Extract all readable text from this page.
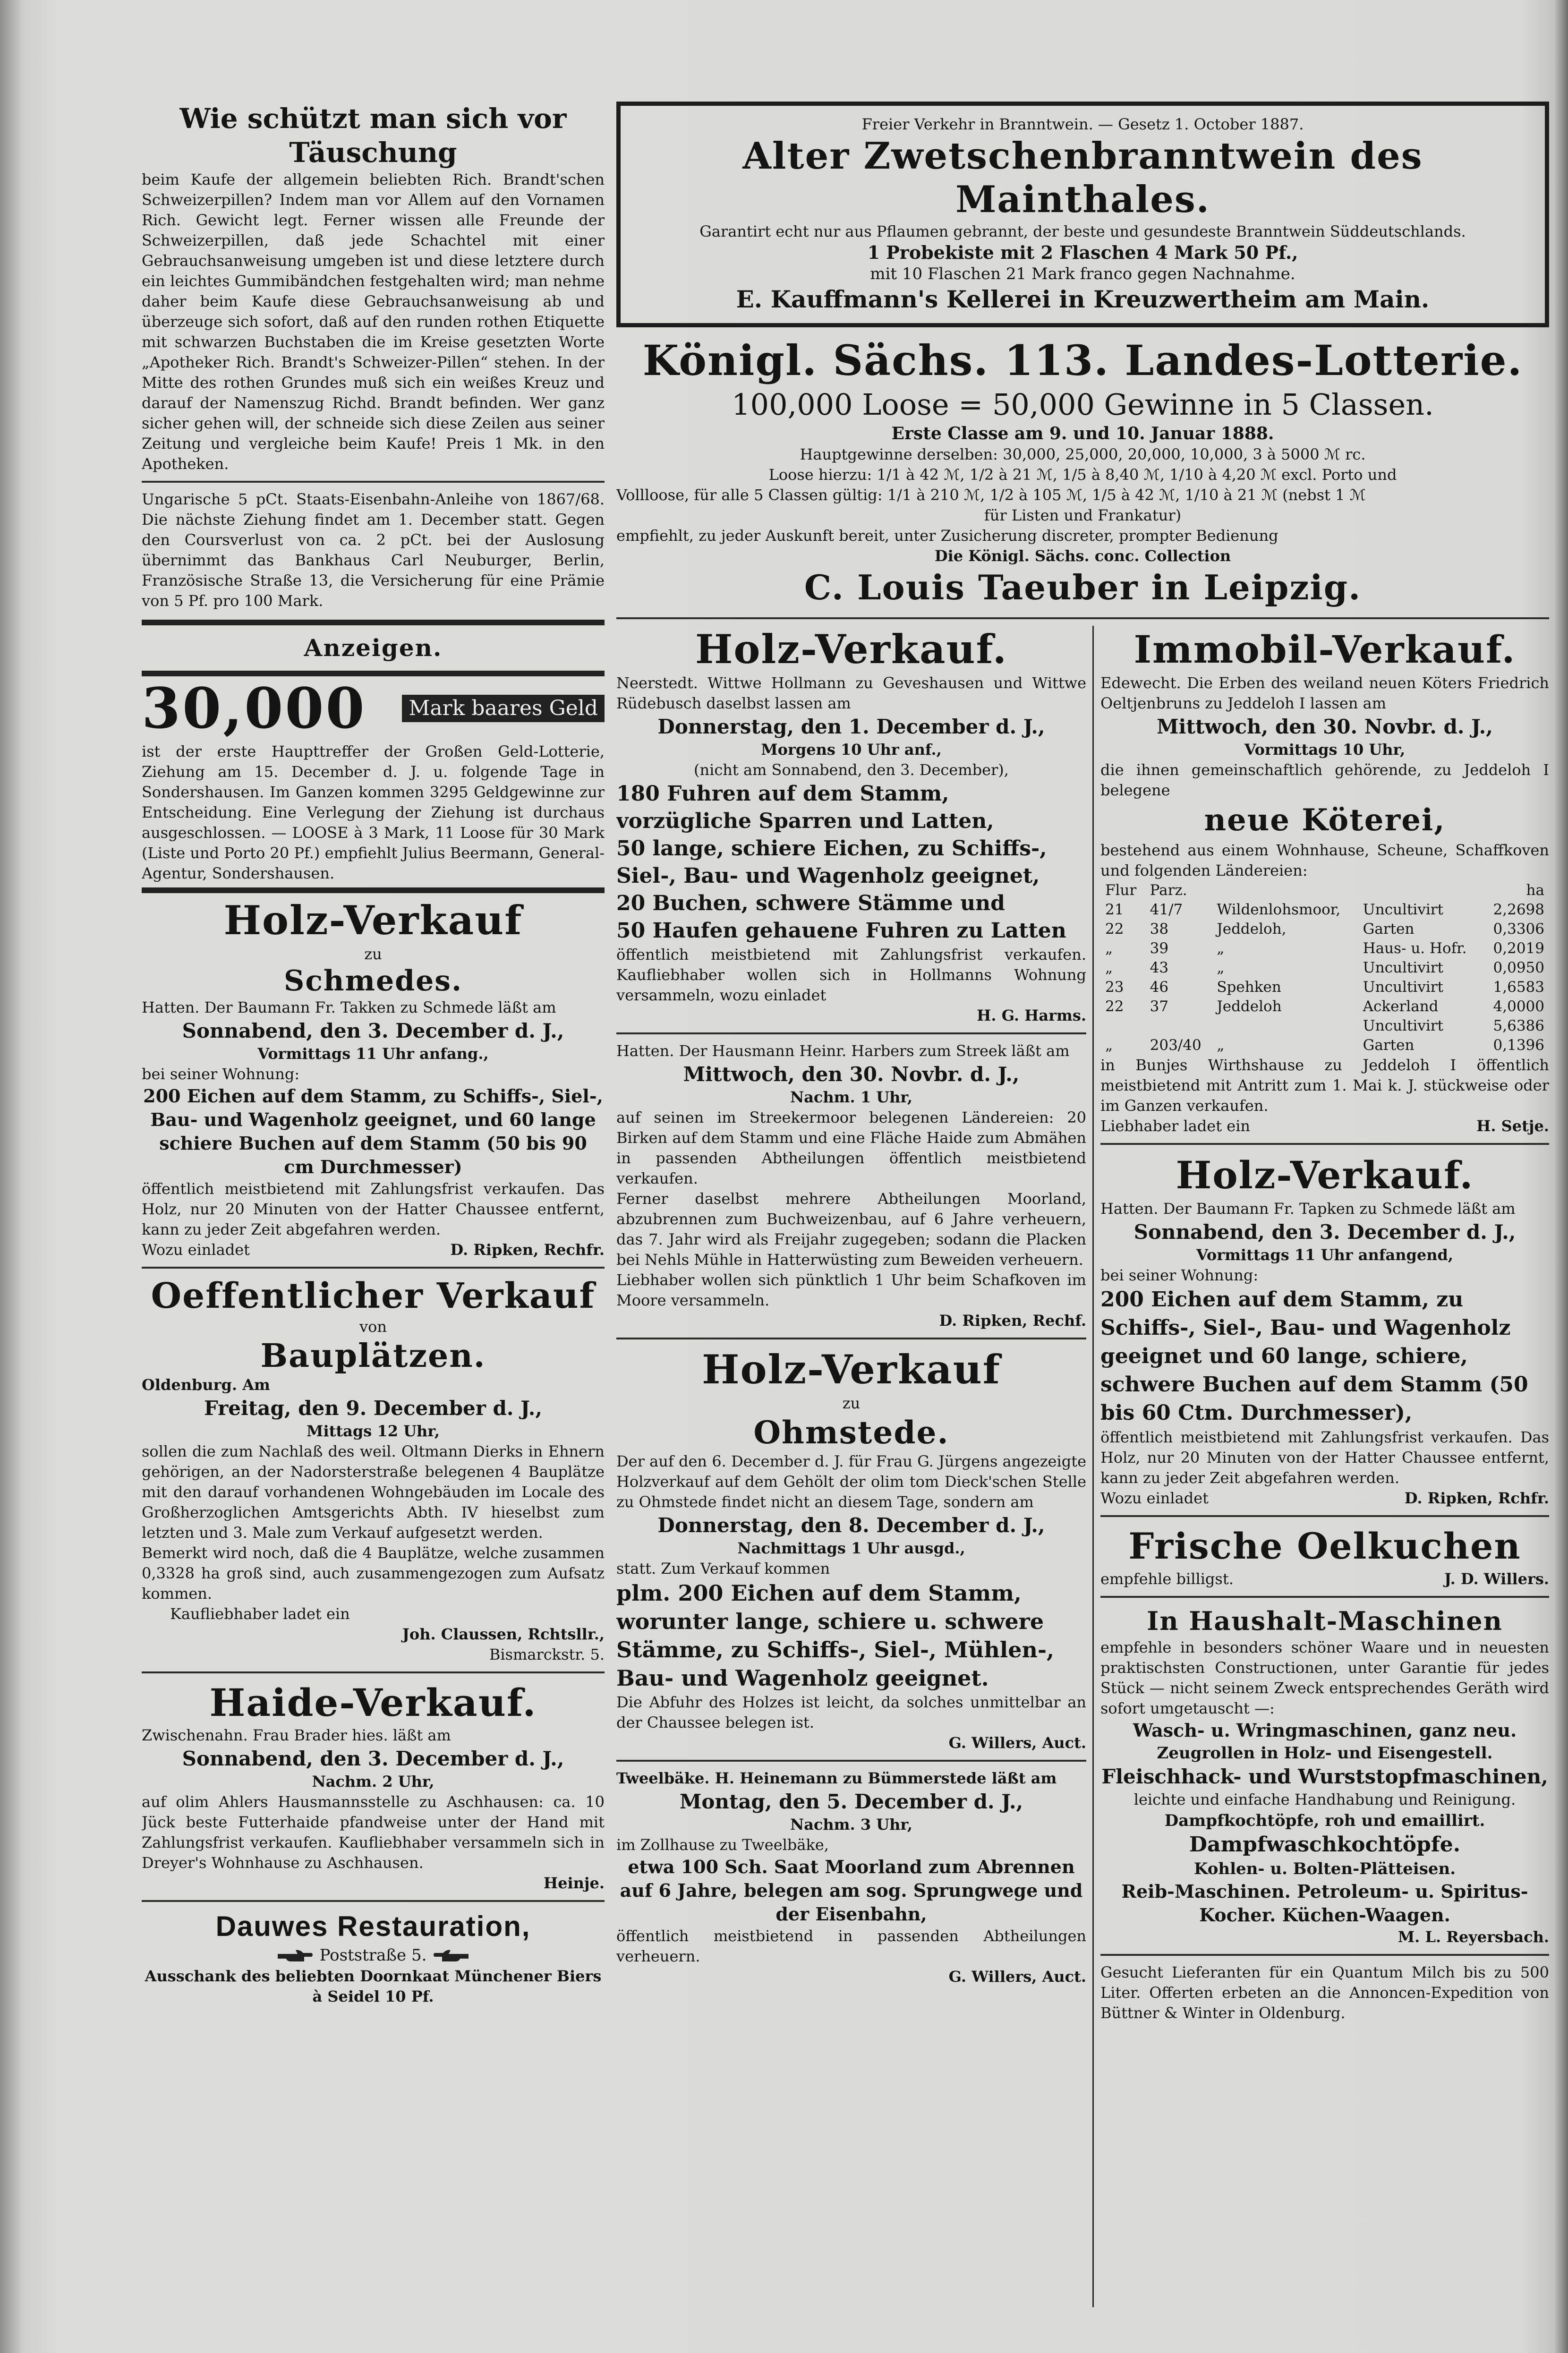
Wie schützt man sich vor Täuschung

beim Kaufe der allgemein beliebten Rich. Brandt'schen Schweizerpillen? Indem man vor Allem auf den Vornamen Rich. Gewicht legt. Ferner wissen alle Freunde der Schweizerpillen, daß jede Schachtel mit einer Gebrauchsanweisung umgeben ist und diese letztere durch ein leichtes Gummibändchen festgehalten wird; man nehme daher beim Kaufe diese Gebrauchsanweisung ab und überzeuge sich sofort, daß auf den runden rothen Etiquette mit schwarzen Buchstaben die im Kreise gesetzten Worte „Apotheker Rich. Brandt's Schweizer-Pillen“ stehen. In der Mitte des rothen Grundes muß sich ein weißes Kreuz und darauf der Namenszug Richd. Brandt befinden. Wer ganz sicher gehen will, der schneide sich diese Zeilen aus seiner Zeitung und vergleiche beim Kaufe! Preis 1 Mk. in den Apotheken.

Ungarische 5 pCt. Staats-Eisenbahn-Anleihe von 1867/68. Die nächste Ziehung findet am 1. December statt. Gegen den Coursverlust von ca. 2 pCt. bei der Auslosung übernimmt das Bankhaus Carl Neuburger, Berlin, Französische Straße 13, die Versicherung für eine Prämie von 5 Pf. pro 100 Mark.

Anzeigen.

30,000	Mark baares Geld

ist der erste Haupttreffer der Großen Geld-Lotterie, Ziehung am 15. December d. J. u. folgende Tage in Sondershausen. Im Ganzen kommen 3295 Geldgewinne zur Entscheidung. Eine Verlegung der Ziehung ist durchaus ausgeschlossen. — LOOSE à 3 Mark, 11 Loose für 30 Mark (Liste und Porto 20 Pf.) empfiehlt Julius Beermann, General-Agentur, Sondershausen.

Holz-Verkauf

zu

Schmedes.

Hatten. Der Baumann Fr. Takken zu Schmede läßt am

Sonnabend, den 3. December d. J.,

Vormittags 11 Uhr anfang.,

bei seiner Wohnung:

200 Eichen auf dem Stamm, zu Schiffs-, Siel-, Bau- und Wagenholz geeignet, und 60 lange schiere Buchen auf dem Stamm (50 bis 90 cm Durchmesser)

öffentlich meistbietend mit Zahlungsfrist verkaufen. Das Holz, nur 20 Minuten von der Hatter Chaussee entfernt, kann zu jeder Zeit abgefahren werden.

Wozu einladet	D. Ripken, Rechfr.

Oeffentlicher Verkauf

von

Bauplätzen.

Oldenburg. Am

Freitag, den 9. December d. J.,

Mittags 12 Uhr,

sollen die zum Nachlaß des weil. Oltmann Dierks in Ehnern gehörigen, an der Nadorsterstraße belegenen 4 Bauplätze mit den darauf vorhandenen Wohngebäuden im Locale des Großherzoglichen Amtsgerichts Abth. IV hieselbst zum letzten und 3. Male zum Verkauf aufgesetzt werden.

Bemerkt wird noch, daß die 4 Bauplätze, welche zusammen 0,3328 ha groß sind, auch zusammengezogen zum Aufsatz kommen.

Kaufliebhaber ladet ein

Joh. Claussen, Rchtsllr.,

Bismarckstr. 5.

Haide-Verkauf.

Zwischenahn. Frau Brader hies. läßt am

Sonnabend, den 3. December d. J.,

Nachm. 2 Uhr,

auf olim Ahlers Hausmannsstelle zu Aschhausen: ca. 10 Jück beste Futterhaide pfandweise unter der Hand mit Zahlungsfrist verkaufen. Kaufliebhaber versammeln sich in Dreyer's Wohnhause zu Aschhausen.

Heinje.

Dauwes Restauration,

Poststraße 5.

Ausschank des beliebten Doornkaat Münchener Biers à Seidel 10 Pf.

Freier Verkehr in Branntwein. — Gesetz 1. October 1887.

Alter Zwetschenbranntwein des Mainthales.

Garantirt echt nur aus Pflaumen gebrannt, der beste und gesundeste Branntwein Süddeutschlands.

1 Probekiste mit 2 Flaschen 4 Mark 50 Pf.,

mit 10 Flaschen 21 Mark franco gegen Nachnahme.

E. Kauffmann's Kellerei in Kreuzwertheim am Main.

Königl. Sächs. 113. Landes-Lotterie.

100,000 Loose = 50,000 Gewinne in 5 Classen.

Erste Classe am 9. und 10. Januar 1888.

Hauptgewinne derselben: 30,000, 25,000, 20,000, 10,000, 3 à 5000 ℳ rc.

Loose hierzu: 1/1 à 42 ℳ, 1/2 à 21 ℳ, 1/5 à 8,40 ℳ, 1/10 à 4,20 ℳ excl. Porto und

Vollloose, für alle 5 Classen gültig: 1/1 à 210 ℳ, 1/2 à 105 ℳ, 1/5 à 42 ℳ, 1/10 à 21 ℳ (nebst 1 ℳ

für Listen und Frankatur)

empfiehlt, zu jeder Auskunft bereit, unter Zusicherung discreter, prompter Bedienung

Die Königl. Sächs. conc. Collection

C. Louis Taeuber in Leipzig.

Holz-Verkauf.

Neerstedt. Wittwe Hollmann zu Geveshausen und Wittwe Rüdebusch daselbst lassen am

Donnerstag, den 1. December d. J.,

Morgens 10 Uhr anf.,

(nicht am Sonnabend, den 3. December),

180 Fuhren auf dem Stamm, vorzügliche Sparren und Latten,

50 lange, schiere Eichen, zu Schiffs-, Siel-, Bau- und Wagenholz geeignet,

20 Buchen, schwere Stämme und

50 Haufen gehauene Fuhren zu Latten

öffentlich meistbietend mit Zahlungsfrist verkaufen. Kaufliebhaber wollen sich in Hollmanns Wohnung versammeln, wozu einladet

H. G. Harms.

Hatten. Der Hausmann Heinr. Harbers zum Streek läßt am

Mittwoch, den 30. Novbr. d. J.,

Nachm. 1 Uhr,

auf seinen im Streekermoor belegenen Ländereien: 20 Birken auf dem Stamm und eine Fläche Haide zum Abmähen in passenden Abtheilungen öffentlich meistbietend verkaufen.

Ferner daselbst mehrere Abtheilungen Moorland, abzubrennen zum Buchweizenbau, auf 6 Jahre verheuern, das 7. Jahr wird als Freijahr zugegeben; sodann die Placken bei Nehls Mühle in Hatterwüsting zum Beweiden verheuern.

Liebhaber wollen sich pünktlich 1 Uhr beim Schafkoven im Moore versammeln.

D. Ripken, Rechf.

Holz-Verkauf

zu

Ohmstede.

Der auf den 6. December d. J. für Frau G. Jürgens angezeigte Holzverkauf auf dem Gehölt der olim tom Dieck'schen Stelle zu Ohmstede findet nicht an diesem Tage, sondern am

Donnerstag, den 8. December d. J.,

Nachmittags 1 Uhr ausgd.,

statt. Zum Verkauf kommen

plm. 200 Eichen auf dem Stamm, worunter lange, schiere u. schwere Stämme, zu Schiffs-, Siel-, Mühlen-, Bau- und Wagenholz geeignet.

Die Abfuhr des Holzes ist leicht, da solches unmittelbar an der Chaussee belegen ist.

G. Willers, Auct.

Tweelbäke. H. Heinemann zu Bümmerstede läßt am

Montag, den 5. December d. J.,

Nachm. 3 Uhr,

im Zollhause zu Tweelbäke,

etwa 100 Sch. Saat Moorland zum Abrennen auf 6 Jahre, belegen am sog. Sprungwege und der Eisenbahn,

öffentlich meistbietend in passenden Abtheilungen verheuern.

G. Willers, Auct.

Immobil-Verkauf.

Edewecht. Die Erben des weiland neuen Köters Friedrich Oeltjenbruns zu Jeddeloh I lassen am

Mittwoch, den 30. Novbr. d. J.,

Vormittags 10 Uhr,

die ihnen gemeinschaftlich gehörende, zu Jeddeloh I belegene

neue Köterei,

bestehend aus einem Wohnhause, Scheune, Schaffkoven und folgenden Ländereien:

Flur	Parz.			ha
21	41/7	Wildenlohsmoor,	Uncultivirt	2,2698
22	38	Jeddeloh,	Garten	0,3306
„	39	„	Haus- u. Hofr.	0,2019
„	43	„	Uncultivirt	0,0950
23	46	Spehken	Uncultivirt	1,6583
22	37	Jeddeloh	Ackerland	4,0000
			Uncultivirt	5,6386
„	203/40	„	Garten	0,1396

in Bunjes Wirthshause zu Jeddeloh I öffentlich meistbietend mit Antritt zum 1. Mai k. J. stückweise oder im Ganzen verkaufen.

Liebhaber ladet ein	H. Setje.

Holz-Verkauf.

Hatten. Der Baumann Fr. Tapken zu Schmede läßt am

Sonnabend, den 3. December d. J.,

Vormittags 11 Uhr anfangend,

bei seiner Wohnung:

200 Eichen auf dem Stamm, zu Schiffs-, Siel-, Bau- und Wagenholz geeignet und 60 lange, schiere, schwere Buchen auf dem Stamm (50 bis 60 Ctm. Durchmesser),

öffentlich meistbietend mit Zahlungsfrist verkaufen. Das Holz, nur 20 Minuten von der Hatter Chaussee entfernt, kann zu jeder Zeit abgefahren werden.

Wozu einladet	D. Ripken, Rchfr.

Frische Oelkuchen

empfehle billigst.	J. D. Willers.

In Haushalt-Maschinen

empfehle in besonders schöner Waare und in neuesten praktischsten Constructionen, unter Garantie für jedes Stück — nicht seinem Zweck entsprechendes Geräth wird sofort umgetauscht —:

Wasch- u. Wringmaschinen, ganz neu.

Zeugrollen in Holz- und Eisengestell.

Fleischhack- und Wurststopfmaschinen,

leichte und einfache Handhabung und Reinigung.

Dampfkochtöpfe, roh und emaillirt.

Dampfwaschkochtöpfe.

Kohlen- u. Bolten-Plätteisen.

Reib-Maschinen. Petroleum- u. Spiritus-Kocher. Küchen-Waagen.

M. L. Reyersbach.

Gesucht Lieferanten für ein Quantum Milch bis zu 500 Liter. Offerten erbeten an die Annoncen-Expedition von Büttner & Winter in Oldenburg.
